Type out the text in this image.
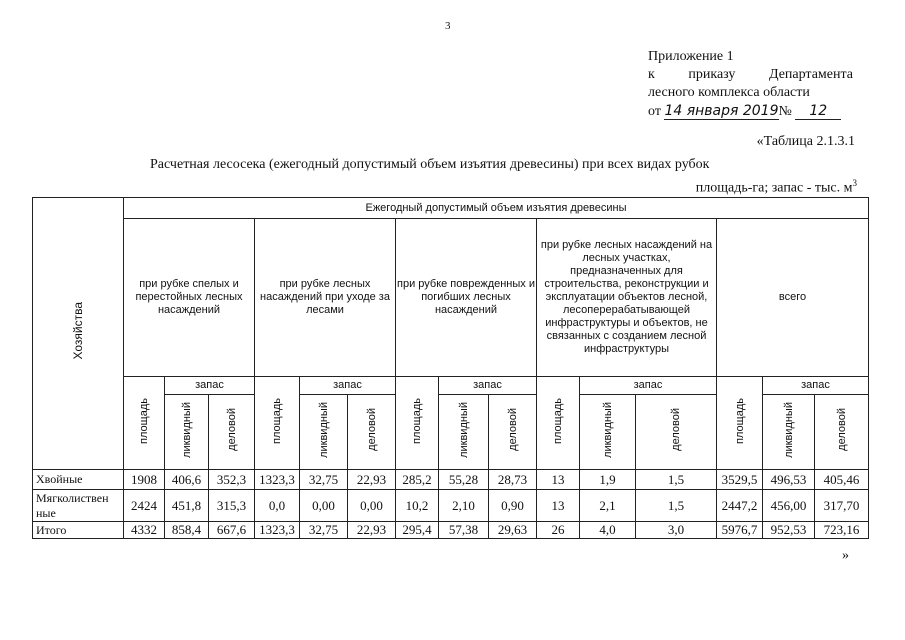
3
Приложение 1
к приказу Департамента
лесного комплекса области
от 14 января 2019№ 12
«Таблица 2.1.3.1
Расчетная лесосека (ежегодный допустимый объем изъятия древесины) при всех видах рубок
площадь-га; запас - тыс. $м^3$
Хозяйства	Ежегодный допустимый объем изъятия древесины														
	при рубке спелых и перестойных лесных насаждений			при рубке лесных насаждений при уходе за лесами			при рубке поврежденных и погибших лесных насаждений			при рубке лесных насаждений на лесных участках, предназначенных для строительства, реконструкции и эксплуатации объектов лесной, лесоперерабатывающей инфраструктуры и объектов, не связанных с созданием лесной инфраструктуры			всего		
	площадь	запас		площадь	запас		площадь	запас		площадь	запас		площадь	запас	
		ликвидный	деловой		ликвидный	деловой		ликвидный	деловой		ликвидный	деловой		ликвидный	деловой
Хвойные	1908	406,6	352,3	1323,3	32,75	22,93	285,2	55,28	28,73	13	1,9	1,5	3529,5	496,53	405,46
Мягколиствен ные	2424	451,8	315,3	0,0	0,00	0,00	10,2	2,10	0,90	13	2,1	1,5	2447,2	456,00	317,70
Итого	4332	858,4	667,6	1323,3	32,75	22,93	295,4	57,38	29,63	26	4,0	3,0	5976,7	952,53	723,16
»
